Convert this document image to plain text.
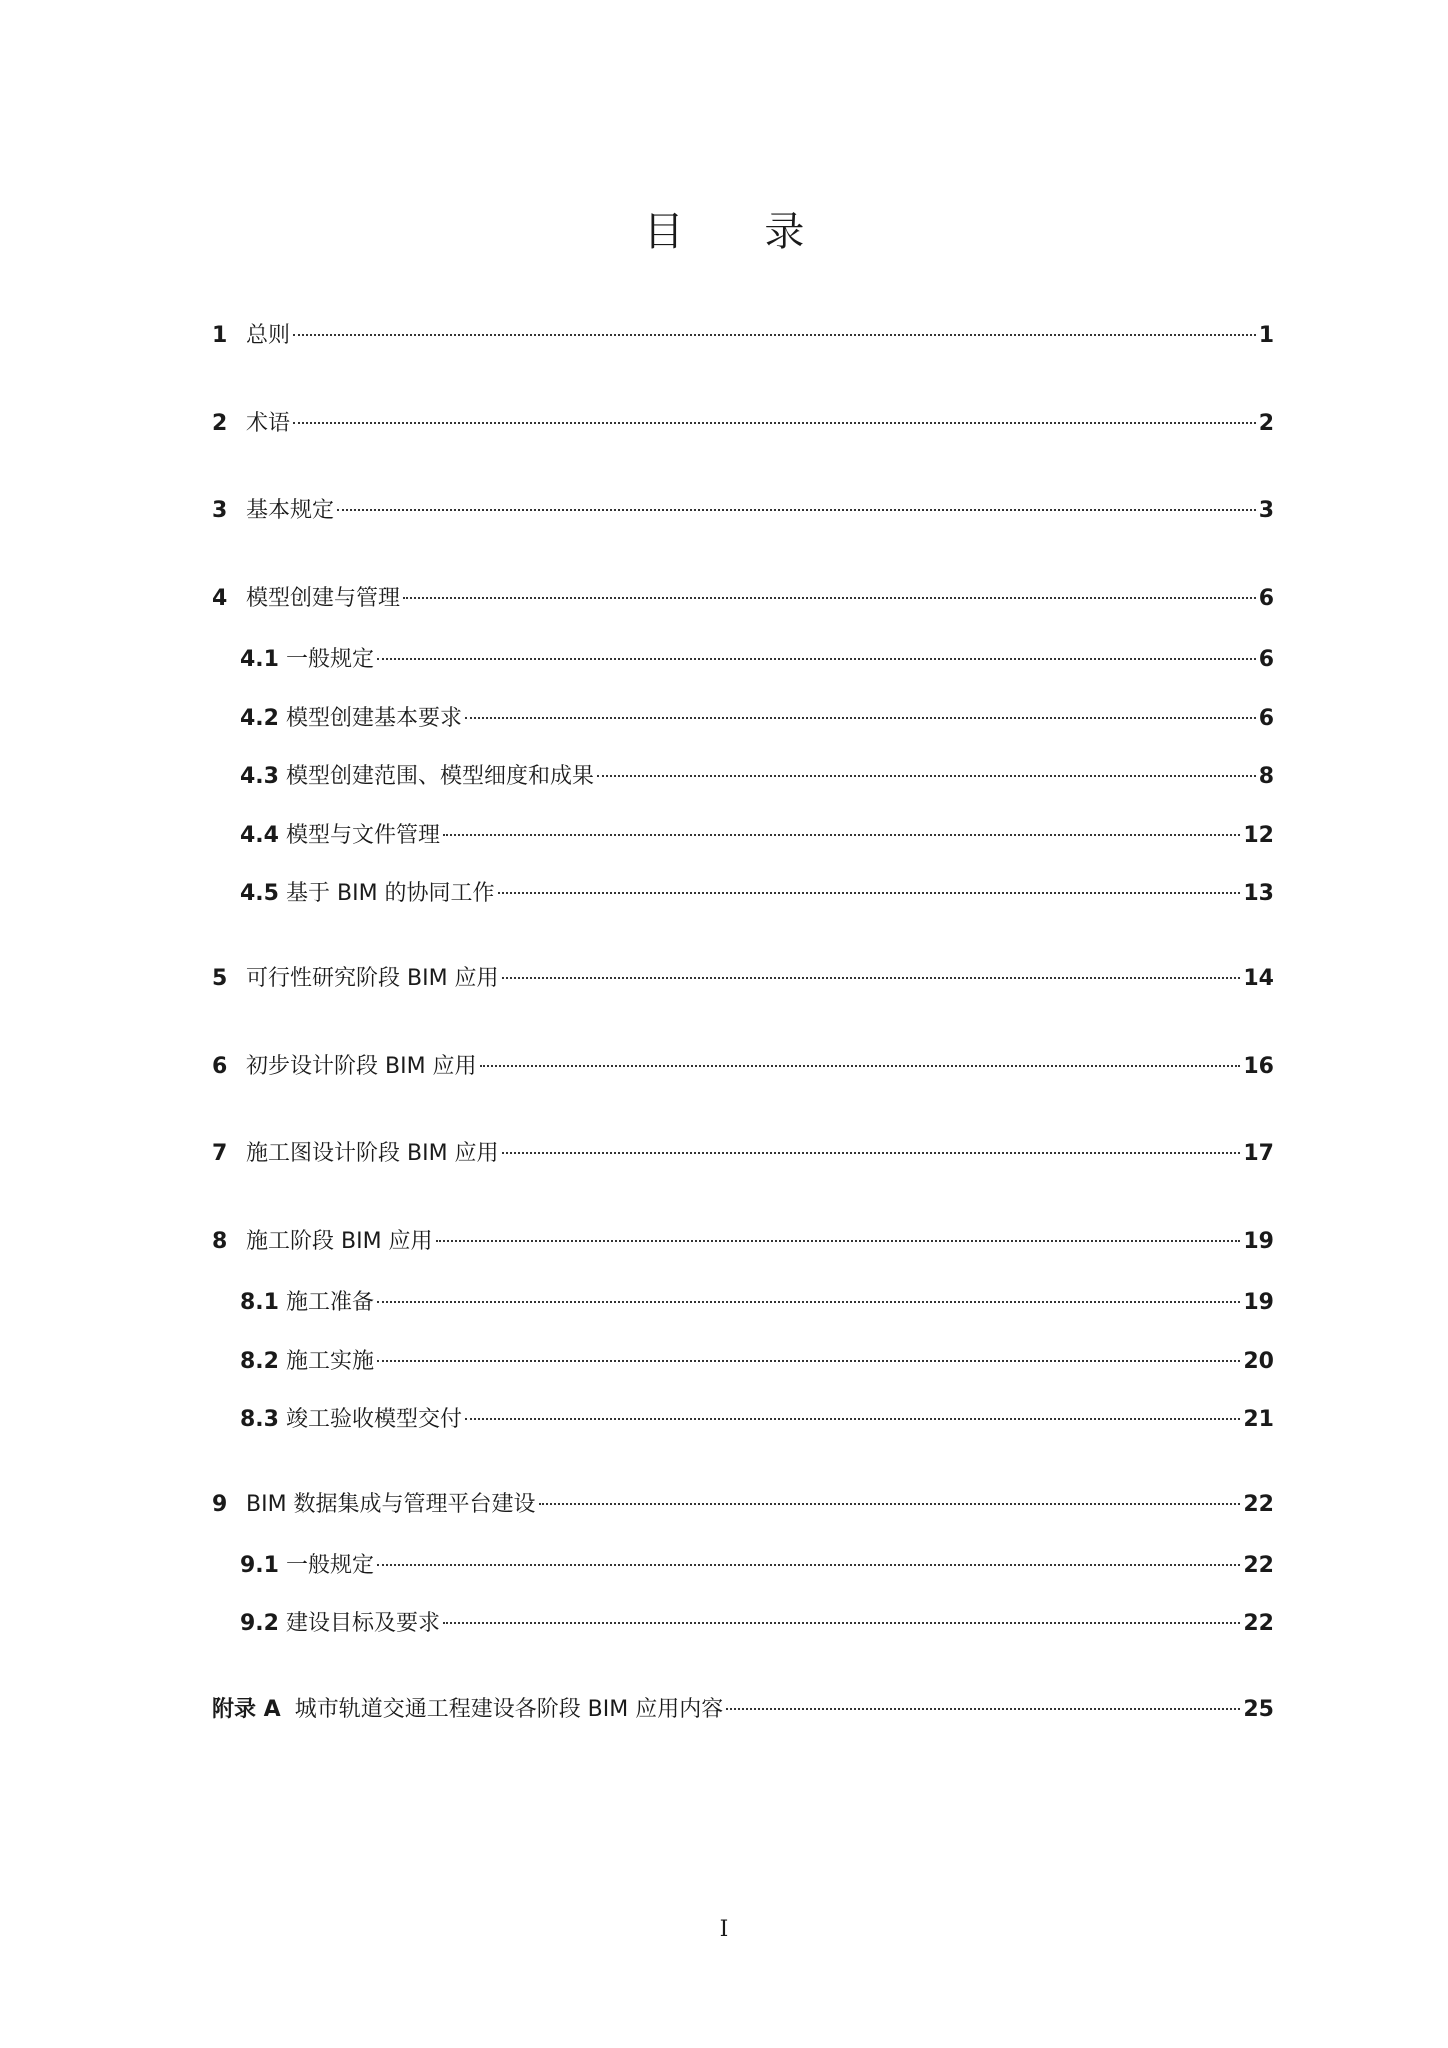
目 录
1 总则	1
2 术语	2
3 基本规定	3
4 模型创建与管理	6
4.1 一般规定	6
4.2 模型创建基本要求	6
4.3 模型创建范围、模型细度和成果	8
4.4 模型与文件管理	12
4.5 基于 BIM 的协同工作	13
5 可行性研究阶段 BIM 应用	14
6 初步设计阶段 BIM 应用	16
7 施工图设计阶段 BIM 应用	17
8 施工阶段 BIM 应用	19
8.1 施工准备	19
8.2 施工实施	20
8.3 竣工验收模型交付	21
9 BIM 数据集成与管理平台建设	22
9.1 一般规定	22
9.2 建设目标及要求	22
附录 A 城市轨道交通工程建设各阶段 BIM 应用内容	25
I
